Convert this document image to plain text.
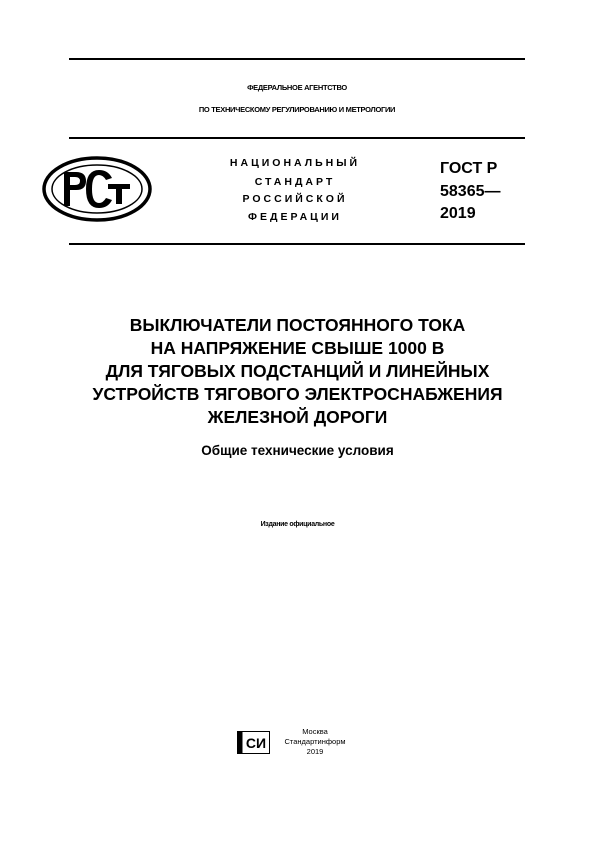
ФЕДЕРАЛЬНОЕ АГЕНТСТВО
ПО ТЕХНИЧЕСКОМУ РЕГУЛИРОВАНИЮ И МЕТРОЛОГИИ
НАЦИОНАЛЬНЫЙ
СТАНДАРТ
РОССИЙСКОЙ
ФЕДЕРАЦИИ
ГОСТ Р
58365—
2019
ВЫКЛЮЧАТЕЛИ ПОСТОЯННОГО ТОКА
НА НАПРЯЖЕНИЕ СВЫШЕ 1000 В
ДЛЯ ТЯГОВЫХ ПОДСТАНЦИЙ И ЛИНЕЙНЫХ
УСТРОЙСТВ ТЯГОВОГО ЭЛЕКТРОСНАБЖЕНИЯ
ЖЕЛЕЗНОЙ ДОРОГИ
Общие технические условия
Издание официальное
СИ
Москва
Стандартинформ
2019
